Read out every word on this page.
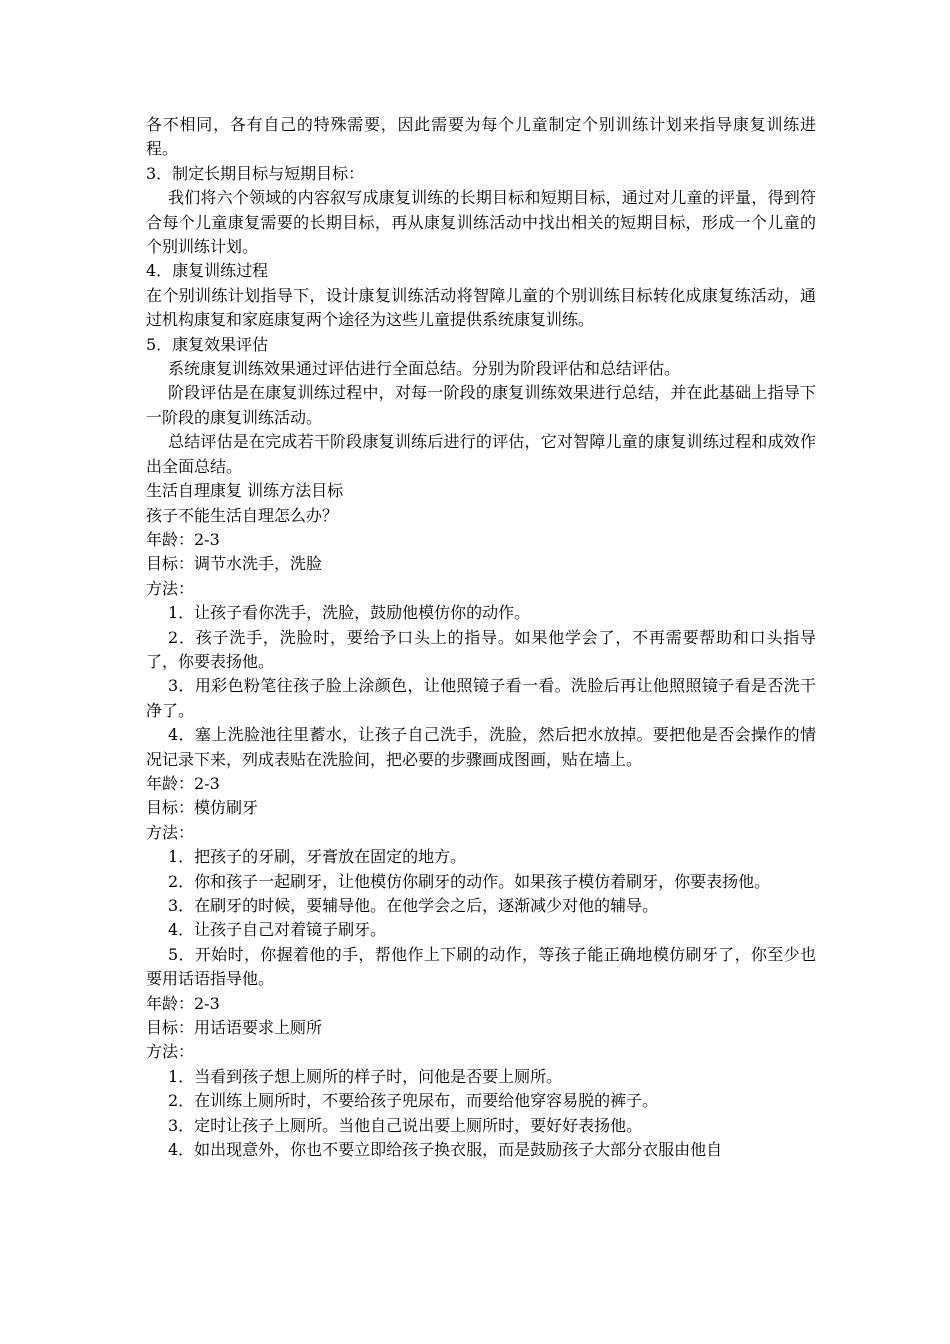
各不相同，各有自己的特殊需要，因此需要为每个儿童制定个别训练计划来指导康复训练进程。

3．制定长期目标与短期目标：

我们将六个领域的内容叙写成康复训练的长期目标和短期目标，通过对儿童的评量，得到符合每个儿童康复需要的长期目标，再从康复训练活动中找出相关的短期目标，形成一个儿童的个别训练计划。

4．康复训练过程

在个别训练计划指导下，设计康复训练活动将智障儿童的个别训练目标转化成康复练活动，通过机构康复和家庭康复两个途径为这些儿童提供系统康复训练。

5．康复效果评估

系统康复训练效果通过评估进行全面总结。分别为阶段评估和总结评估。

阶段评估是在康复训练过程中，对每一阶段的康复训练效果进行总结，并在此基础上指导下一阶段的康复训练活动。

总结评估是在完成若干阶段康复训练后进行的评估，它对智障儿童的康复训练过程和成效作出全面总结。

生活自理康复 训练方法目标

孩子不能生活自理怎么办？

年龄：2-3

目标：调节水洗手，洗脸

方法：

1．让孩子看你洗手，洗脸，鼓励他模仿你的动作。

2．孩子洗手，洗脸时，要给予口头上的指导。如果他学会了，不再需要帮助和口头指导了，你要表扬他。

3．用彩色粉笔往孩子脸上涂颜色，让他照镜子看一看。洗脸后再让他照照镜子看是否洗干净了。

4．塞上洗脸池往里蓄水，让孩子自己洗手，洗脸，然后把水放掉。要把他是否会操作的情况记录下来，列成表贴在洗脸间，把必要的步骤画成图画，贴在墙上。

年龄：2-3

目标：模仿刷牙

方法：

1．把孩子的牙刷，牙膏放在固定的地方。

2．你和孩子一起刷牙，让他模仿你刷牙的动作。如果孩子模仿着刷牙，你要表扬他。

3．在刷牙的时候，要辅导他。在他学会之后，逐渐减少对他的辅导。

4．让孩子自己对着镜子刷牙。

5．开始时，你握着他的手，帮他作上下刷的动作，等孩子能正确地模仿刷牙了，你至少也要用话语指导他。

年龄：2-3

目标：用话语要求上厕所

方法：

1．当看到孩子想上厕所的样子时，问他是否要上厕所。

2．在训练上厕所时，不要给孩子兜尿布，而要给他穿容易脱的裤子。

3．定时让孩子上厕所。当他自己说出要上厕所时，要好好表扬他。

4．如出现意外，你也不要立即给孩子换衣服，而是鼓励孩子大部分衣服由他自
